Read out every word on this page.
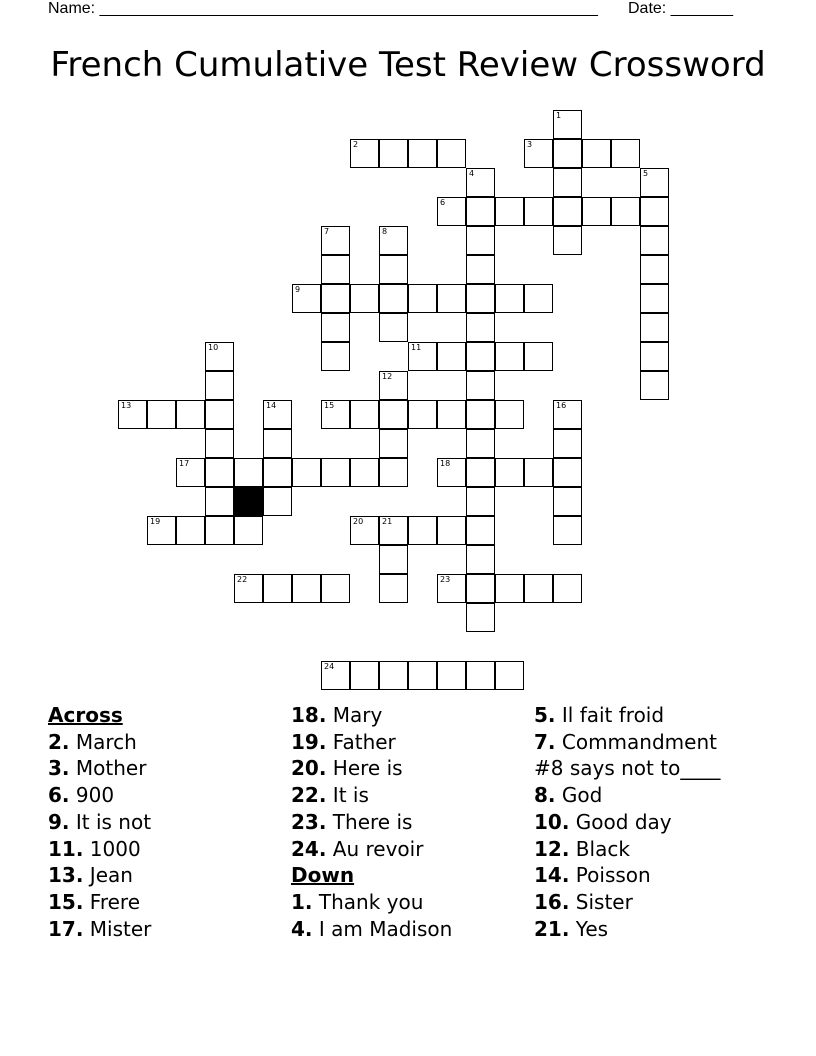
Name: ________________________________________________________ Date: _______
French Cumulative Test Review Crossword
1
2	3
4	5
6
7	8
9
10	11
12
13	14	15	16
17	18
19	20 21
22	23
24
Across
2. March
3. Mother
6. 900
9. It is not
11. 1000
13. Jean
15. Frere
17. Mister
18. Mary
19. Father
20. Here is
22. It is
23. There is
24. Au revoir
Down
1. Thank you
4. I am Madison
5. Il fait froid
7. Commandment #8 says not to____
8. God
10. Good day
12. Black
14. Poisson
16. Sister
21. Yes
